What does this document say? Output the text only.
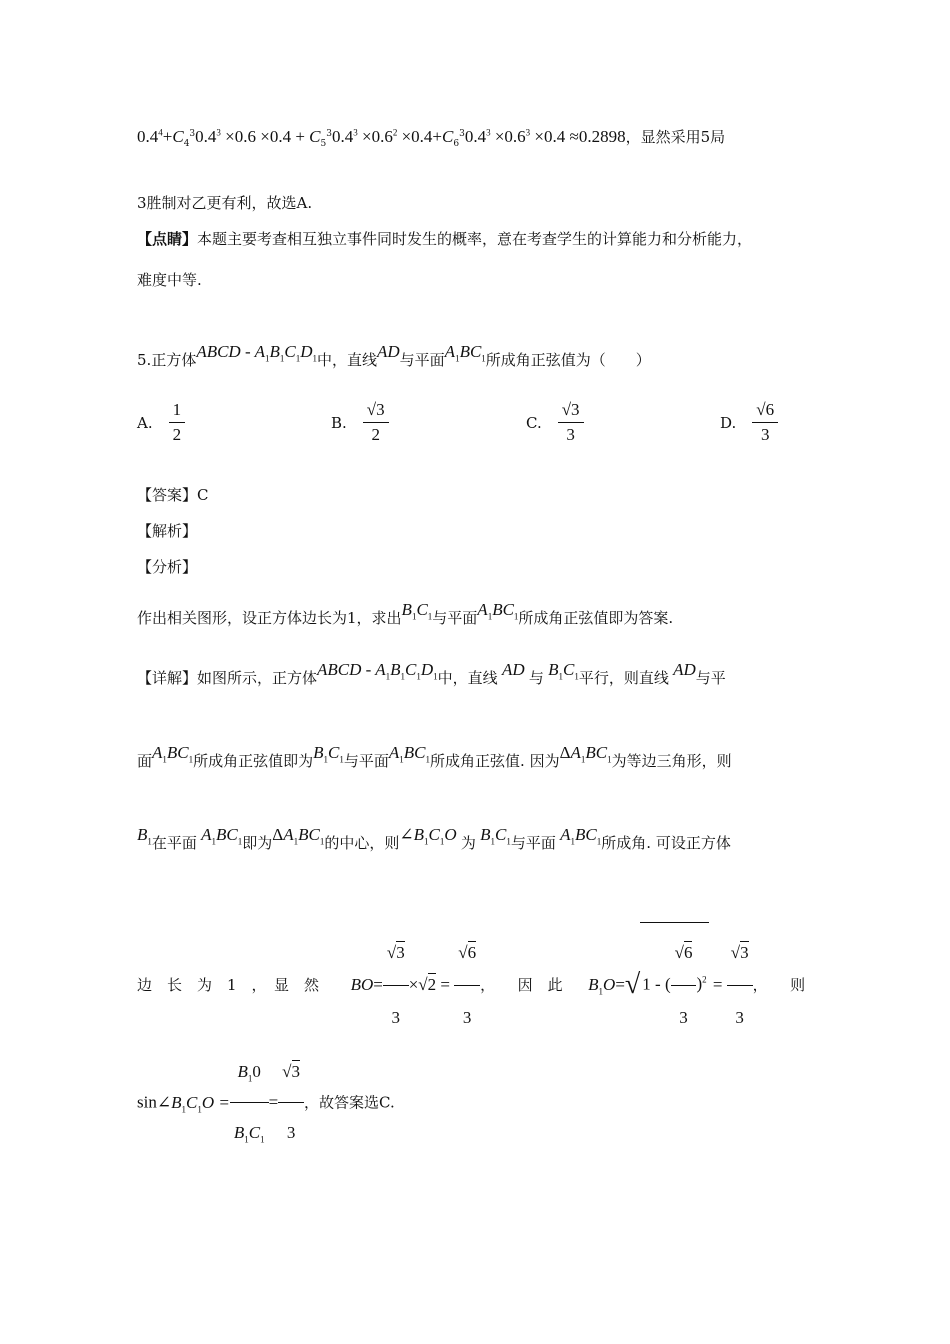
$0.4^4+C_4^30.4^3 \times 0.6 \times 0.4 + C_5^30.4^3 \times 0.6^2 \times 0.4+C_6^30.4^3 \times 0.6^3 \times 0.4 \approx 0.2898$，显然采用5局
3胜制对乙更有利，故选A.
【点睛】本题主要考查相互独立事件同时发生的概率，意在考查学生的计算能力和分析能力，
难度中等.
5.正方体ABCD - $A_1B_1C_1D_1$中，直线AD与平面$A_1BC_1$所成角正弦值为（　　）
A. $\frac{1}{2}$	B. $\frac{√3}{2}$	C. $\frac{√3}{3}$	D. $\frac{√6}{3}$
【答案】C
【解析】
【分析】
作出相关图形，设正方体边长为1，求出$B_1C_1$与平面$A_1BC_1$所成角正弦值即为答案.
【详解】如图所示，正方体ABCD - $A_1B_1C_1D_1$中，直线 AD 与 $B_1C_1$平行，则直线 AD与平
面$A_1BC_1$所成角正弦值即为$B_1C_1$与平面$A_1BC_1$所成角正弦值. 因为$\Delta A_1BC_1$为等边三角形，则
$B_1$在平面 $A_1BC_1$即为$\Delta A_1BC_1$的中心，则$\angle B_1C_1O$ 为 $B_1C_1$与平面 $A_1BC_1$所成角. 可设正方体
边　长　为　1　，　显　然 $BO= \frac{√3}{3} \times√2 = \frac{√6}{3}$ ，　　因　此 $B_1O=√$ 1 - ( $\frac{√6}{3} )^2 = \frac{√3}{3}$ ，　　则
$\sin\angle B_1C_1O = \frac{B_10}{B_1C_1} = \frac{√3}{3}$ ，故答案选C.
